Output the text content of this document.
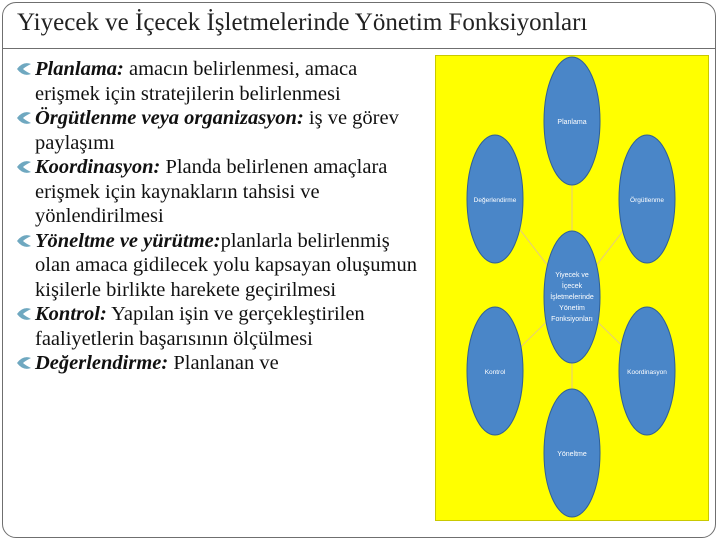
Yiyecek ve İçecek İşletmelerinde Yönetim Fonksiyonları
Planlama: amacın belirlenmesi, amaca erişmek için stratejilerin belirlenmesi
Örgütlenme veya organizasyon: iş ve görev paylaşımı
Koordinasyon: Planda belirlenen amaçlara erişmek için kaynakların tahsisi ve yönlendirilmesi
Yöneltme ve yürütme:planlarla belirlenmiş olan amaca gidilecek yolu kapsayan oluşumun kişilerle birlikte harekete geçirilmesi
Kontrol: Yapılan işin ve gerçekleştirilen faaliyetlerin başarısının ölçülmesi
Değerlendirme: Planlanan ve
Yiyecek ve
İçecek
İşletmelerinde
Yönetim
Fonksiyonları
Planlama
Değerlendirme	Örgütlenme
Kontrol	Koordinasyon
Yöneltme
